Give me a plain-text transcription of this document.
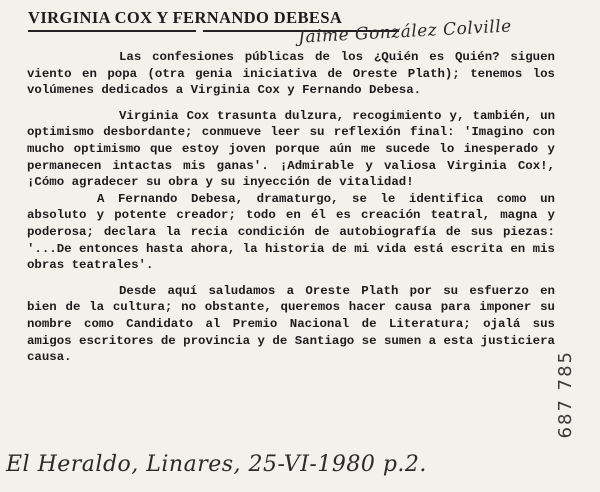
VIRGINIA COX Y FERNANDO DEBESA
Jaime González Colville

Las confesiones públicas de los ¿Quién es Quién? siguen viento en popa (otra genia iniciativa de Oreste Plath); tenemos los volúmenes dedicados a Virginia Cox y Fernando Debesa.

Virginia Cox trasunta dulzura, recogimiento y, también, un optimismo desbordante; conmueve leer su reflexión final: 'Imagino con mucho optimismo que estoy joven porque aún me sucede lo inesperado y permanecen intactas mis ganas'. ¡Admirable y valiosa Virginia Cox!, ¡Cómo agradecer su obra y su inyección de vitalidad!

A Fernando Debesa, dramaturgo, se le identifica como un absoluto y potente creador; todo en él es creación teatral, magna y poderosa; declara la recia condición de autobiografía de sus piezas: '...De entonces hasta ahora, la historia de mi vida está escrita en mis obras teatrales'.

Desde aquí saludamos a Oreste Plath por su esfuerzo en bien de la cultura; no obstante, queremos hacer causa para imponer su nombre como Candidato al Premio Nacional de Literatura; ojalá sus amigos escritores de provincia y de Santiago se sumen a esta justiciera causa.

El Heraldo, Linares, 25-VI-1980 p.2.
687 785
